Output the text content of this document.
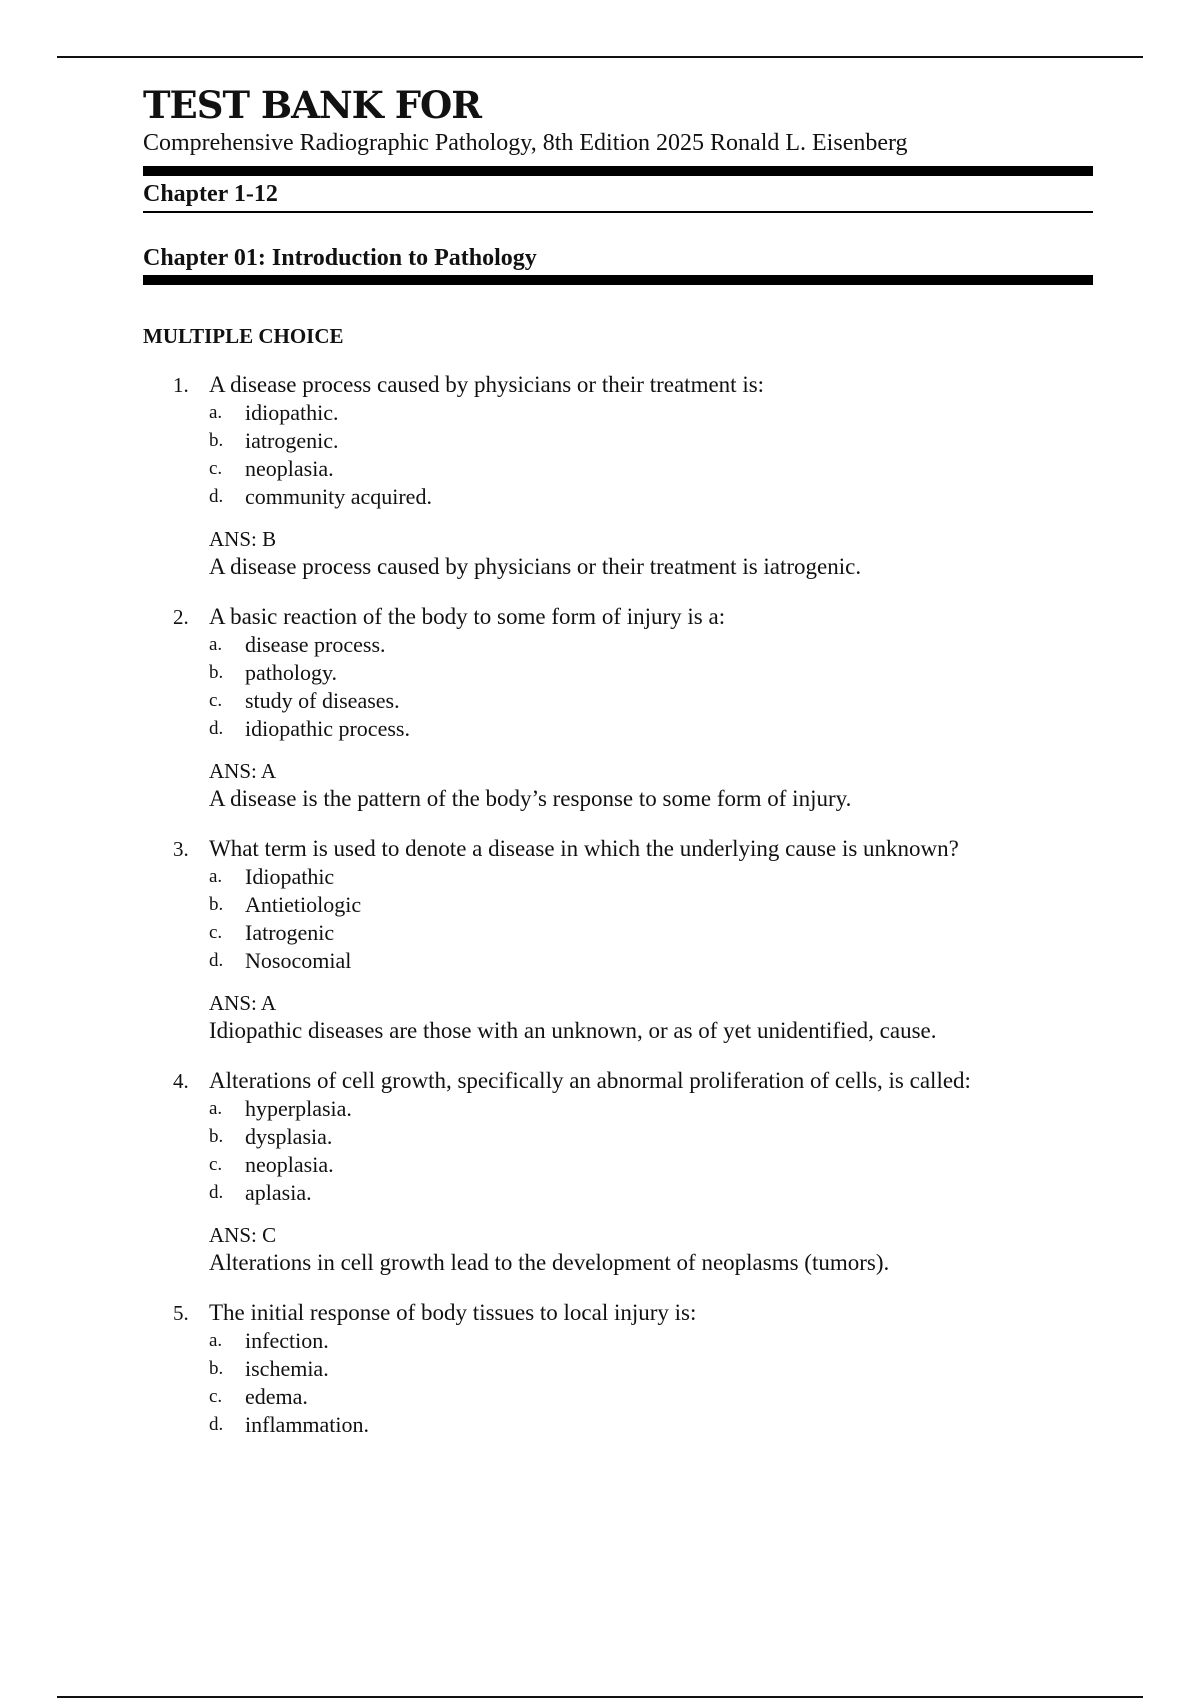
TEST BANK FOR
Comprehensive Radiographic Pathology, 8th Edition 2025 Ronald L. Eisenberg
Chapter 1-12
Chapter 01: Introduction to Pathology
MULTIPLE CHOICE
1. A disease process caused by physicians or their treatment is:
a.	idiopathic.
b. iatrogenic.
c.	neoplasia.
d. community acquired.
ANS: B
A disease process caused by physicians or their treatment is iatrogenic.
2. A basic reaction of the body to some form of injury is a:
a.	disease process.
b. pathology.
c.	study of diseases.
d. idiopathic process.
ANS: A
A disease is the pattern of the body’s response to some form of injury.
3. What term is used to denote a disease in which the underlying cause is unknown?
a.	Idiopathic
b. Antietiologic
c.	Iatrogenic
d. Nosocomial
ANS: A
Idiopathic diseases are those with an unknown, or as of yet unidentified, cause.
4. Alterations of cell growth, specifically an abnormal proliferation of cells, is called:
a.	hyperplasia.
b. dysplasia.
c.	neoplasia.
d. aplasia.
ANS: C
Alterations in cell growth lead to the development of neoplasms (tumors).
5. The initial response of body tissues to local injury is:
a.	infection.
b. ischemia.
c.	edema.
d. inflammation.
